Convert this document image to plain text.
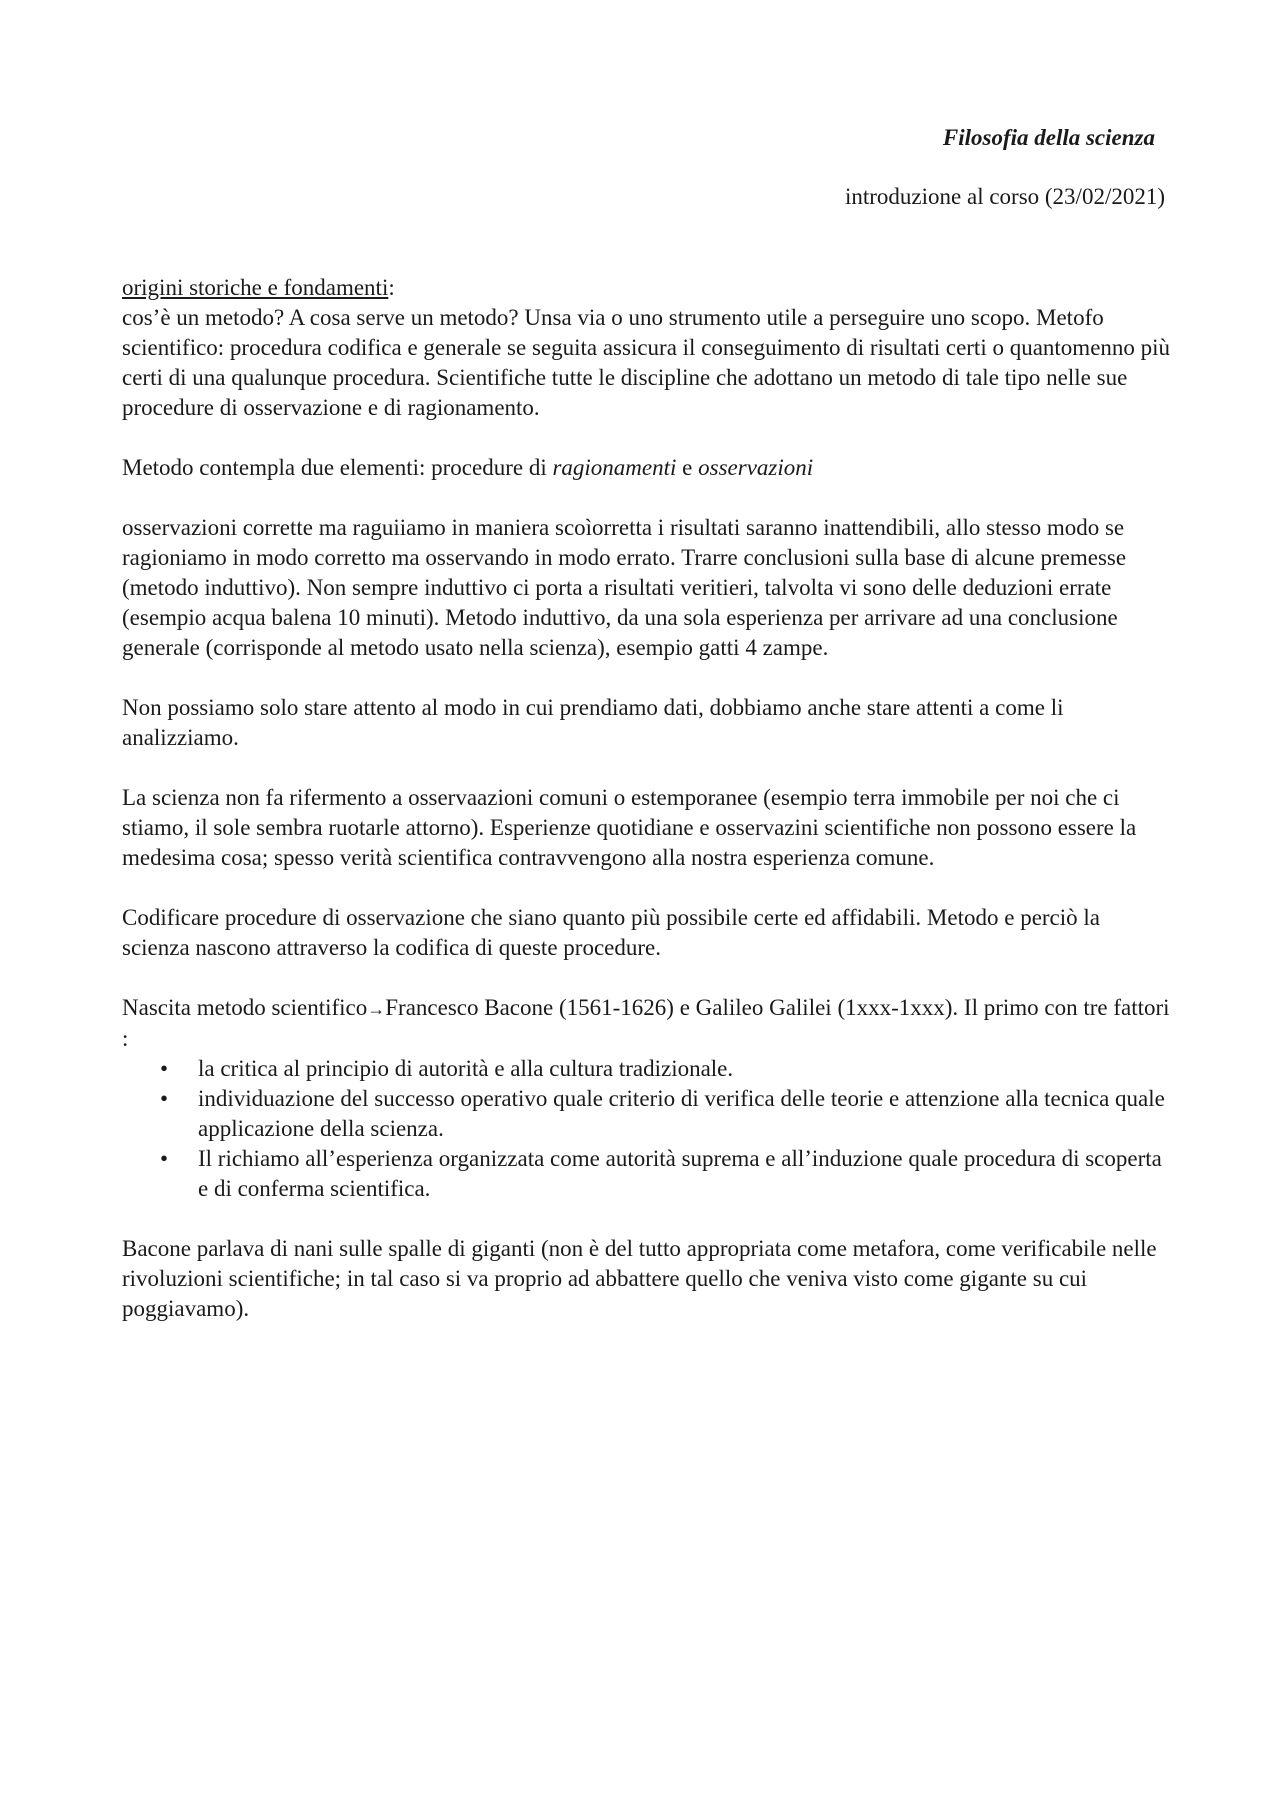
Filosofia della scienza

introduzione al corso (23/02/2021)

origini storiche e fondamenti:

cos’è un metodo? A cosa serve un metodo? Unsa via o uno strumento utile a perseguire uno scopo. Metofo scientifico: procedura codifica e generale se seguita assicura il conseguimento di risultati certi o quantomenno più certi di una qualunque procedura. Scientifiche tutte le discipline che adottano un metodo di tale tipo nelle sue procedure di osservazione e di ragionamento.

Metodo contempla due elementi: procedure di ragionamenti e osservazioni

osservazioni corrette ma raguiiamo in maniera scoìorretta i risultati saranno inattendibili, allo stesso modo se ragioniamo in modo corretto ma osservando in modo errato. Trarre conclusioni sulla base di alcune premesse (metodo induttivo). Non sempre induttivo ci porta a risultati veritieri, talvolta vi sono delle deduzioni errate (esempio acqua balena 10 minuti). Metodo induttivo, da una sola esperienza per arrivare ad una conclusione generale (corrisponde al metodo usato nella scienza), esempio gatti 4 zampe.

Non possiamo solo stare attento al modo in cui prendiamo dati, dobbiamo anche stare attenti a come li analizziamo.

La scienza non fa rifermento a osservaazioni comuni o estemporanee (esempio terra immobile per noi che ci stiamo, il sole sembra ruotarle attorno). Esperienze quotidiane e osservazini scientifiche non possono essere la medesima cosa; spesso verità scientifica contravvengono alla nostra esperienza comune.

Codificare procedure di osservazione che siano quanto più possibile certe ed affidabili. Metodo e perciò la scienza nascono attraverso la codifica di queste procedure.

Nascita metodo scientifico→Francesco Bacone (1561-1626) e Galileo Galilei (1xxx-1xxx). Il primo con tre fattori :

• la critica al principio di autorità e alla cultura tradizionale.
• individuazione del successo operativo quale criterio di verifica delle teorie e attenzione alla tecnica quale applicazione della scienza.
• Il richiamo all’esperienza organizzata come autorità suprema e all’induzione quale procedura di scoperta e di conferma scientifica.

Bacone parlava di nani sulle spalle di giganti (non è del tutto appropriata come metafora, come verificabile nelle rivoluzioni scientifiche; in tal caso si va proprio ad abbattere quello che veniva visto come gigante su cui poggiavamo).
